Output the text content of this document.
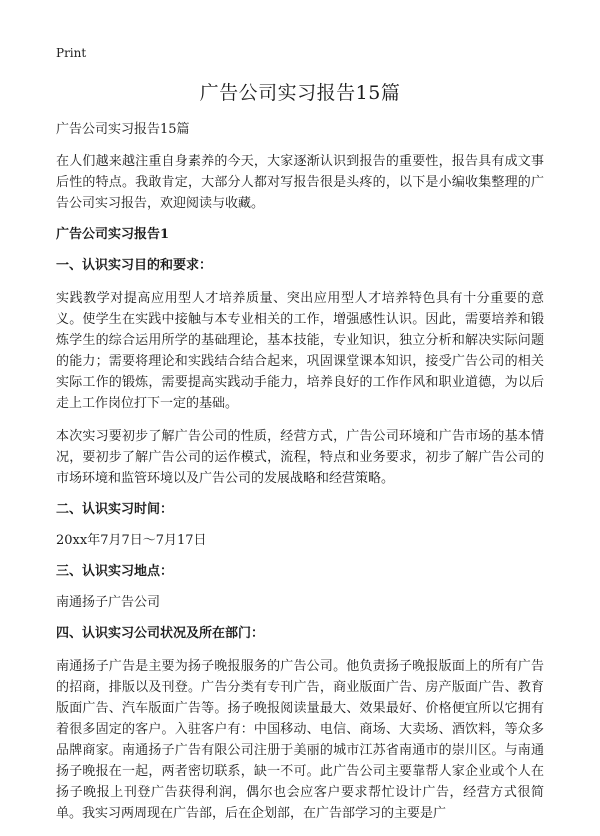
Print
广告公司实习报告15篇
广告公司实习报告15篇

在人们越来越注重自身素养的今天，大家逐渐认识到报告的重要性，报告具有成文事后性的特点。我敢肯定，大部分人都对写报告很是头疼的，以下是小编收集整理的广告公司实习报告，欢迎阅读与收藏。

广告公司实习报告1
一、认识实习目的和要求：

实践教学对提高应用型人才培养质量、突出应用型人才培养特色具有十分重要的意义。使学生在实践中接触与本专业相关的工作，增强感性认识。因此，需要培养和锻炼学生的综合运用所学的基础理论，基本技能，专业知识，独立分析和解决实际问题的能力；需要将理论和实践结合结合起来，巩固课堂课本知识，接受广告公司的相关实际工作的锻炼，需要提高实践动手能力，培养良好的工作作风和职业道德，为以后走上工作岗位打下一定的基础。

本次实习要初步了解广告公司的性质，经营方式，广告公司环境和广告市场的基本情况，要初步了解广告公司的运作模式，流程，特点和业务要求，初步了解广告公司的市场环境和监管环境以及广告公司的发展战略和经营策略。

二、认识实习时间：
20xx年7月7日～7月17日
三、认识实习地点：
南通扬子广告公司
四、认识实习公司状况及所在部门：

南通扬子广告是主要为扬子晚报服务的广告公司。他负责扬子晚报版面上的所有广告的招商，排版以及刊登。广告分类有专刊广告，商业版面广告、房产版面广告、教育版面广告、汽车版面广告等。扬子晚报阅读量最大、效果最好、价格便宜所以它拥有着很多固定的客户。入驻客户有：中国移动、电信、商场、大卖场、酒饮料，等众多品牌商家。南通扬子广告有限公司注册于美丽的城市江苏省南通市的崇川区。与南通扬子晚报在一起，两者密切联系，缺一不可。此广告公司主要靠帮人家企业或个人在扬子晚报上刊登广告获得利润，偶尔也会应客户要求帮忙设计广告，经营方式很简单。我实习两周现在广告部，后在企划部，在广告部学习的主要是广
